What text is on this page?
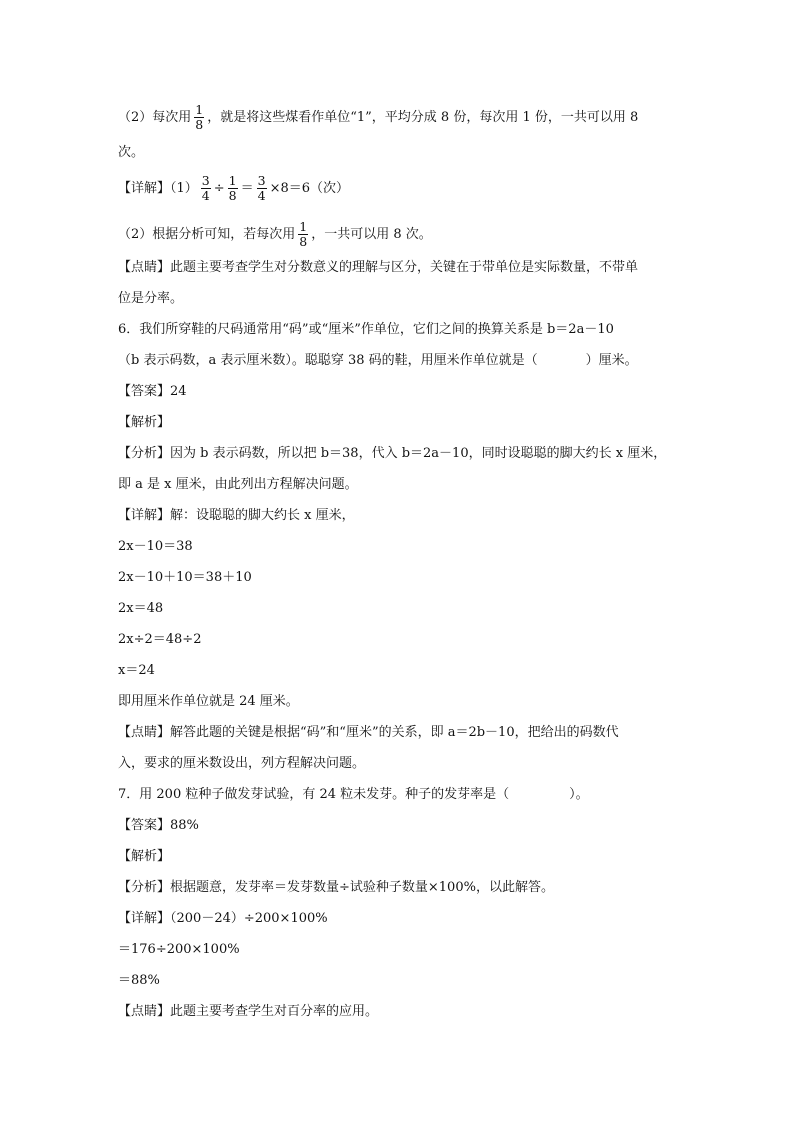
（2）每次用 $\frac{1}{8}$ ，就是将这些煤看作单位“1”，平均分成 8 份，每次用 1 份，一共可以用 8
次。
【详解】$(1) \frac{3}{4} \div \frac{1}{8} = \frac{3}{4} \times 8=6$（次）
（2）根据分析可知，若每次用 $\frac{1}{8}$ ，一共可以用 8 次。
【点睛】此题主要考查学生对分数意义的理解与区分，关键在于带单位是实际数量，不带单
位是分率。
6．我们所穿鞋的尺码通常用“码”或“厘米”作单位，它们之间的换算关系是 b＝2a－10
（b 表示码数，a 表示厘米数）。聪聪穿 38 码的鞋，用厘米作单位就是（	）厘米。
【答案】24
【解析】
【分析】因为 b 表示码数，所以把 b＝38，代入 b＝2a－10，同时设聪聪的脚大约长 x 厘米，
即 a 是 x 厘米，由此列出方程解决问题。
【详解】解：设聪聪的脚大约长 x 厘米，
2x－10＝38
2x－10＋10＝38＋10
2x＝48
2x÷2＝48÷2
x＝24
即用厘米作单位就是 24 厘米。
【点睛】解答此题的关键是根据“码”和“厘米”的关系，即 a＝2b－10，把给出的码数代
入，要求的厘米数设出，列方程解决问题。
7．用 200 粒种子做发芽试验，有 24 粒未发芽。种子的发芽率是（	）。
【答案】88%
【解析】
【分析】根据题意，发芽率＝发芽数量÷试验种子数量×100%，以此解答。
【详解】（200－24）÷200×100%
＝176÷200×100%
＝88%
【点睛】此题主要考查学生对百分率的应用。
